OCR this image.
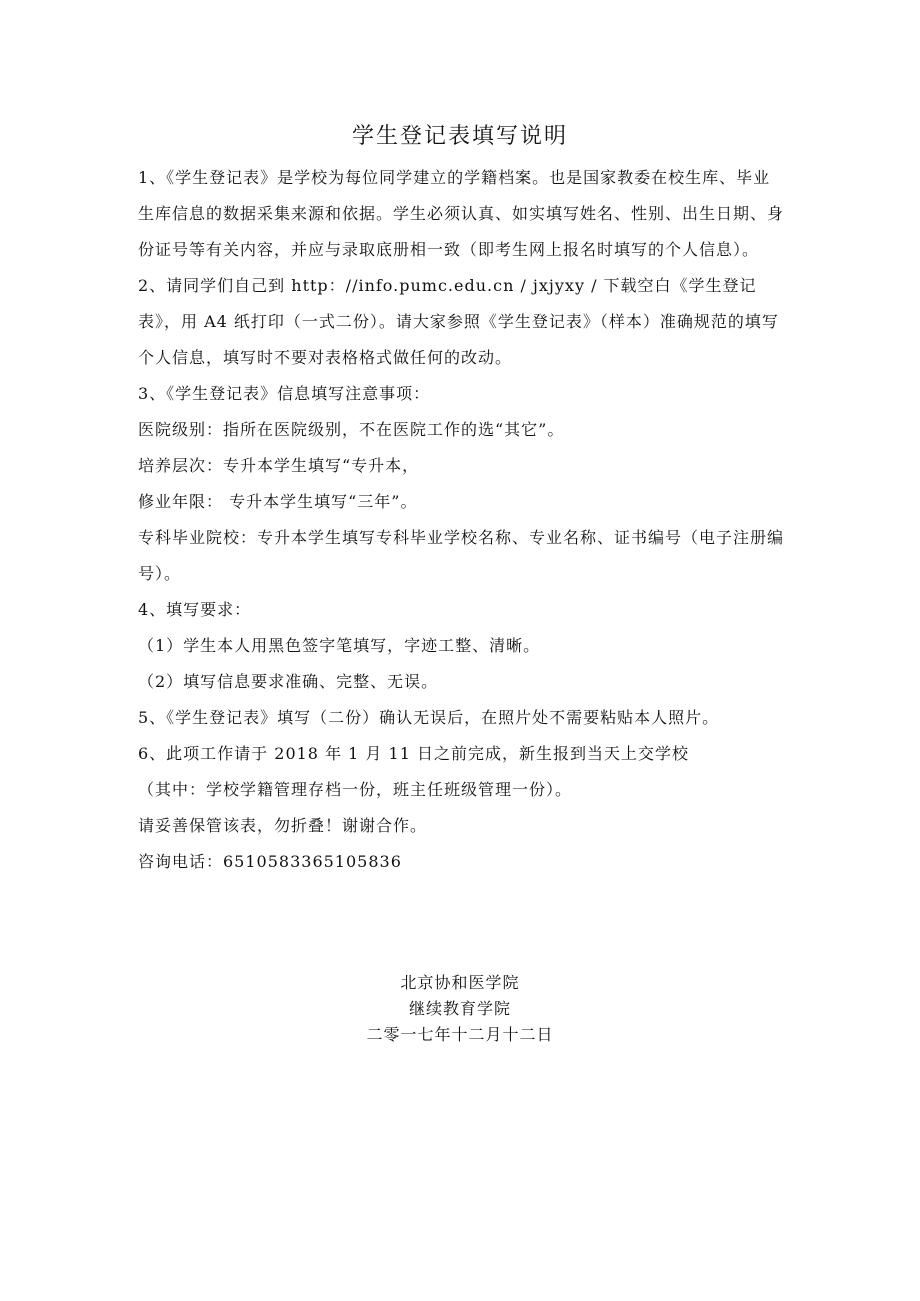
学生登记表填写说明

1、《学生登记表》是学校为每位同学建立的学籍档案。也是国家教委在校生库、毕业生库信息的数据采集来源和依据。学生必须认真、如实填写姓名、性别、出生日期、身份证号等有关内容，并应与录取底册相一致（即考生网上报名时填写的个人信息）。

2、请同学们自己到 http：//info.pumc.edu.cn / jxjyxy / 下载空白《学生登记表》，用 A4 纸打印（一式二份）。请大家参照《学生登记表》（样本）准确规范的填写个人信息，填写时不要对表格格式做任何的改动。

3、《学生登记表》信息填写注意事项：

医院级别：指所在医院级别，不在医院工作的选“其它”。

培养层次：专升本学生填写“专升本，

修业年限： 专升本学生填写“三年”。

专科毕业院校：专升本学生填写专科毕业学校名称、专业名称、证书编号（电子注册编号）。

4、填写要求：

（1）学生本人用黑色签字笔填写，字迹工整、清晰。

（2）填写信息要求准确、完整、无误。

5、《学生登记表》填写（二份）确认无误后，在照片处不需要粘贴本人照片。

6、此项工作请于 2018 年 1 月 11 日之前完成，新生报到当天上交学校

（其中：学校学籍管理存档一份，班主任班级管理一份）。

请妥善保管该表，勿折叠！谢谢合作。

咨询电话：6510583365105836

北京协和医学院
继续教育学院
二零一七年十二月十二日
